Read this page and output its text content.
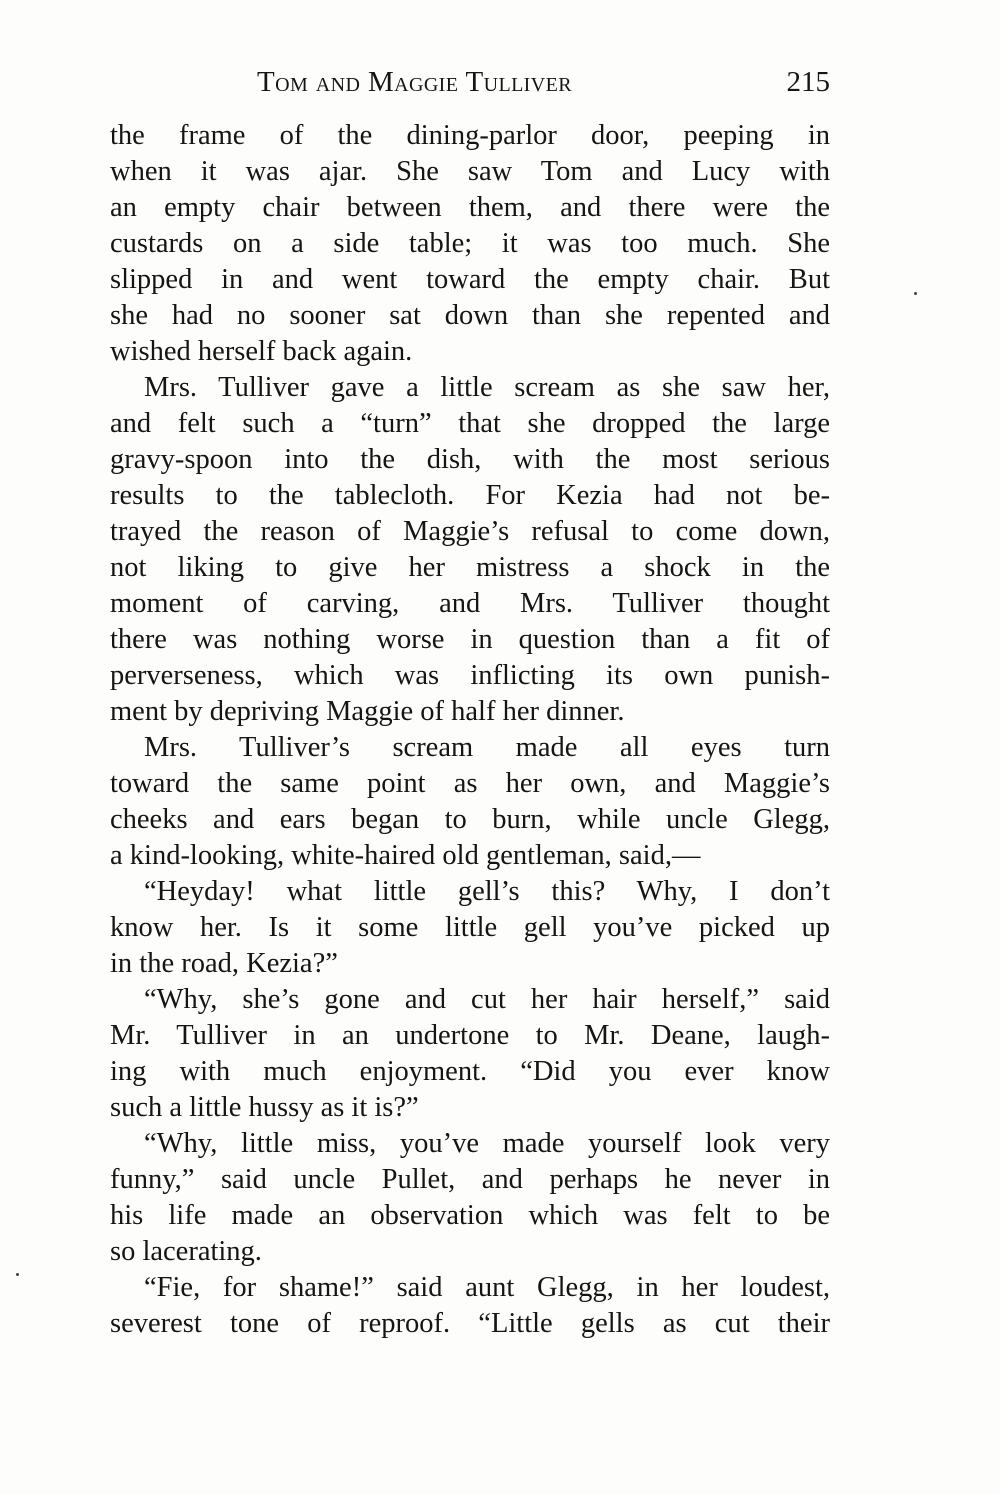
Tom and Maggie Tulliver	215
the frame of the dining-parlor door, peeping in
when it was ajar. She saw Tom and Lucy with
an empty chair between them, and there were the
custards on a side table; it was too much. She
slipped in and went toward the empty chair. But
she had no sooner sat down than she repented and
wished herself back again.
Mrs. Tulliver gave a little scream as she saw her,
and felt such a “turn” that she dropped the large
gravy-spoon into the dish, with the most serious
results to the tablecloth. For Kezia had not be-
trayed the reason of Maggie’s refusal to come down,
not liking to give her mistress a shock in the
moment of carving, and Mrs. Tulliver thought
there was nothing worse in question than a fit of
perverseness, which was inflicting its own punish-
ment by depriving Maggie of half her dinner.
Mrs. Tulliver’s scream made all eyes turn
toward the same point as her own, and Maggie’s
cheeks and ears began to burn, while uncle Glegg,
a kind-looking, white-haired old gentleman, said,—
“Heyday! what little gell’s this? Why, I don’t
know her. Is it some little gell you’ve picked up
in the road, Kezia?”
“Why, she’s gone and cut her hair herself,” said
Mr. Tulliver in an undertone to Mr. Deane, laugh-
ing with much enjoyment. “Did you ever know
such a little hussy as it is?”
“Why, little miss, you’ve made yourself look very
funny,” said uncle Pullet, and perhaps he never in
his life made an observation which was felt to be
so lacerating.
“Fie, for shame!” said aunt Glegg, in her loudest,
severest tone of reproof. “Little gells as cut their
